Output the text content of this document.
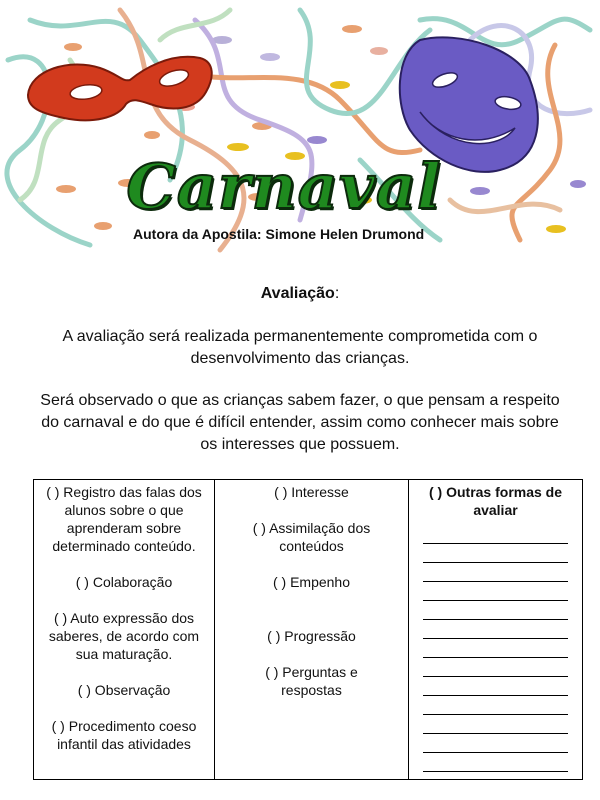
Carnaval
Autora da Apostila: Simone Helen Drumond
Avaliação:
A avaliação será realizada permanentemente comprometida com o desenvolvimento das crianças.
Será observado o que as crianças sabem fazer, o que pensam a respeito do carnaval e do que é difícil entender, assim como conhecer mais sobre os interesses que possuem.
( ) Registro das falas dos alunos sobre o que aprenderam sobre determinado conteúdo.
( ) Colaboração
( ) Auto expressão dos saberes, de acordo com sua maturação.
( ) Observação
( ) Procedimento coeso infantil das atividades

( ) Interesse
( ) Assimilação dos conteúdos
( ) Empenho
( ) Progressão
( ) Perguntas e respostas

( ) Outras formas de avaliar
